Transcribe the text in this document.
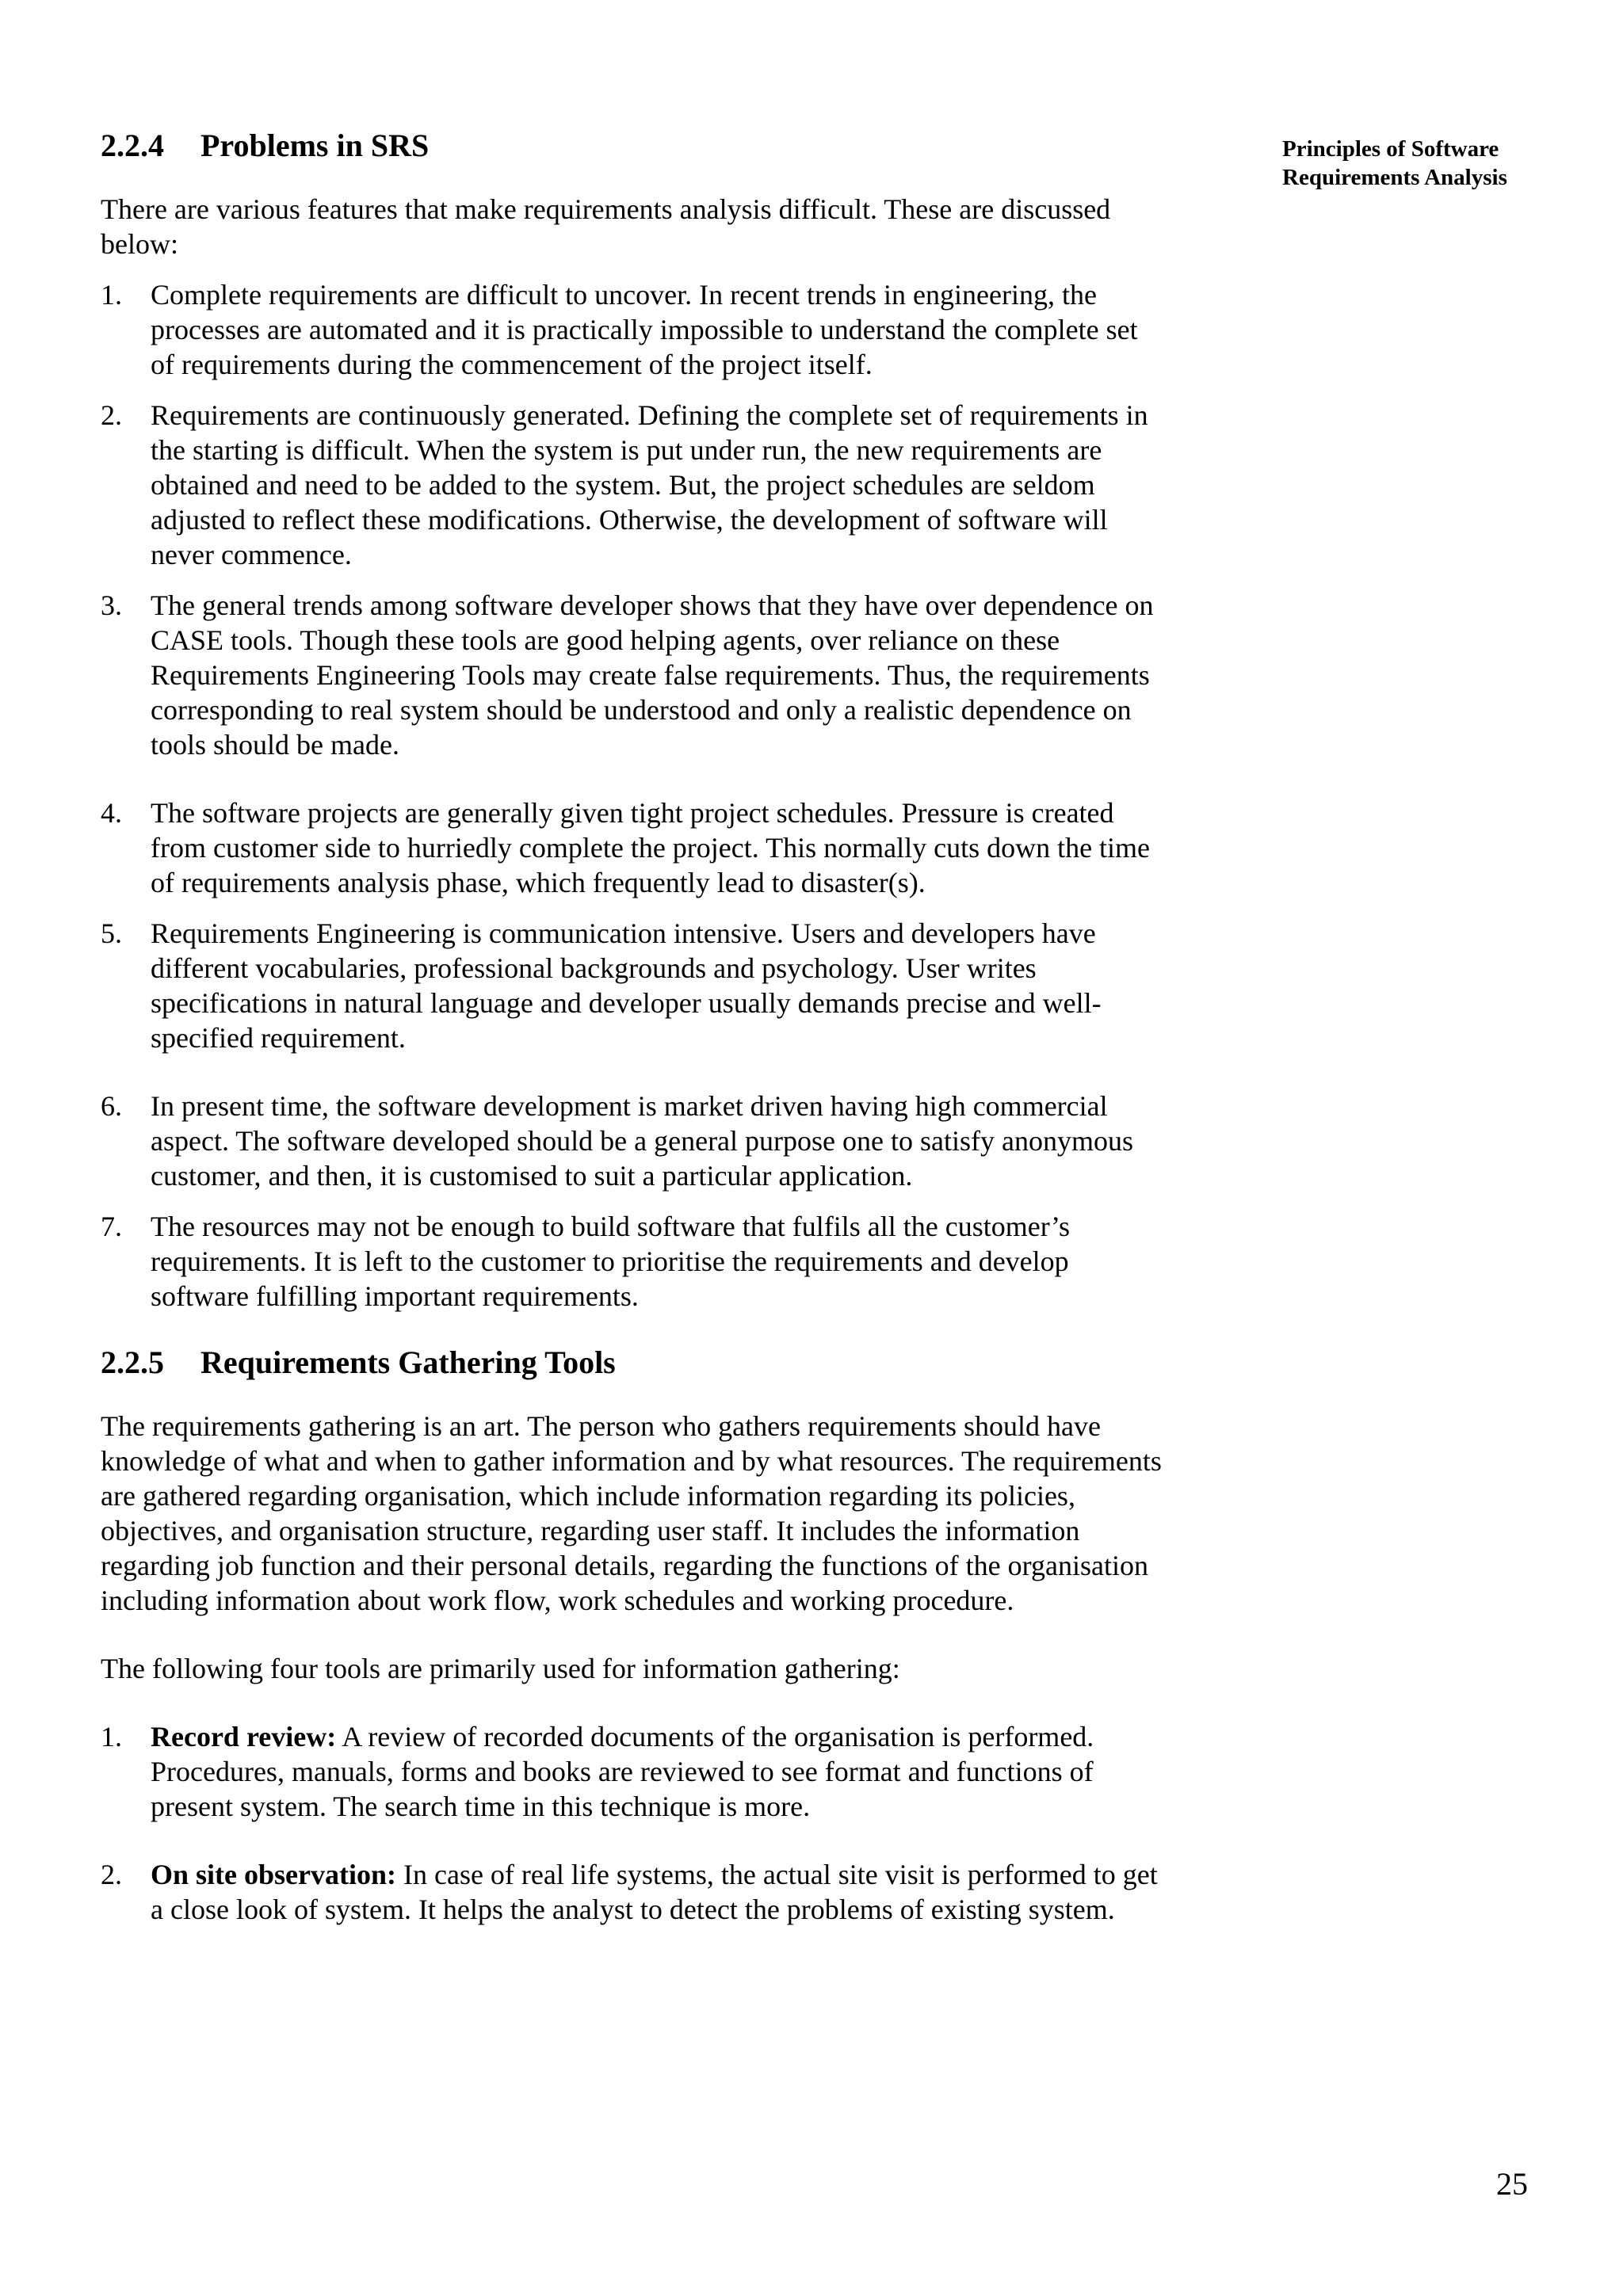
Principles of Software
Requirements Analysis
2.2.4	Problems in SRS

There are various features that make requirements analysis difficult. These are discussed below:

1.	Complete requirements are difficult to uncover. In recent trends in engineering, the processes are automated and it is practically impossible to understand the complete set of requirements during the commencement of the project itself.
2.	Requirements are continuously generated. Defining the complete set of requirements in the starting is difficult. When the system is put under run, the new requirements are obtained and need to be added to the system. But, the project schedules are seldom adjusted to reflect these modifications. Otherwise, the development of software will never commence.
3.	The general trends among software developer shows that they have over dependence on CASE tools. Though these tools are good helping agents, over reliance on these Requirements Engineering Tools may create false requirements. Thus, the requirements corresponding to real system should be understood and only a realistic dependence on tools should be made.
4.	The software projects are generally given tight project schedules. Pressure is created from customer side to hurriedly complete the project. This normally cuts down the time of requirements analysis phase, which frequently lead to disaster(s).
5.	Requirements Engineering is communication intensive. Users and developers have different vocabularies, professional backgrounds and psychology. User writes specifications in natural language and developer usually demands precise and well-specified requirement.
6.	In present time, the software development is market driven having high commercial aspect. The software developed should be a general purpose one to satisfy anonymous customer, and then, it is customised to suit a particular application.
7.	The resources may not be enough to build software that fulfils all the customer’s requirements. It is left to the customer to prioritise the requirements and develop software fulfilling important requirements.
2.2.5	Requirements Gathering Tools

The requirements gathering is an art. The person who gathers requirements should have knowledge of what and when to gather information and by what resources. The requirements are gathered regarding organisation, which include information regarding its policies, objectives, and organisation structure, regarding user staff. It includes the information regarding job function and their personal details, regarding the functions of the organisation including information about work flow, work schedules and working procedure.

The following four tools are primarily used for information gathering:

1.	Record review: A review of recorded documents of the organisation is performed. Procedures, manuals, forms and books are reviewed to see format and functions of present system. The search time in this technique is more.
2.	On site observation: In case of real life systems, the actual site visit is performed to get a close look of system. It helps the analyst to detect the problems of existing system.
25
